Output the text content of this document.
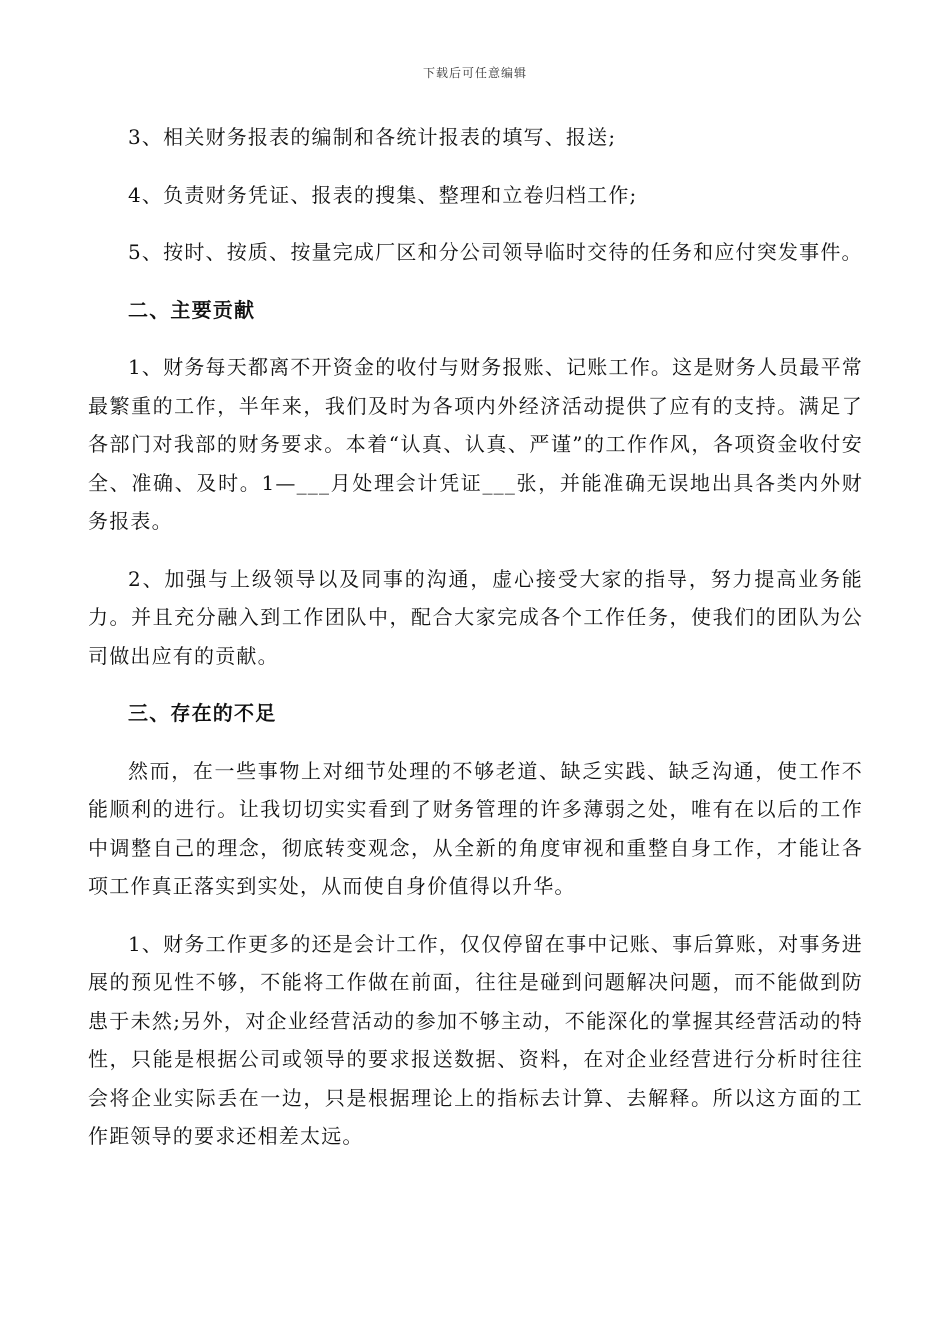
下载后可任意编辑

3、相关财务报表的编制和各统计报表的填写、报送;

4、负责财务凭证、报表的搜集、整理和立卷归档工作;

5、按时、按质、按量完成厂区和分公司领导临时交待的任务和应付突发事件。

二、主要贡献

1、财务每天都离不开资金的收付与财务报账、记账工作。这是财务人员最平常最繁重的工作，半年来，我们及时为各项内外经济活动提供了应有的支持。满足了各部门对我部的财务要求。本着“认真、认真、严谨”的工作作风，各项资金收付安全、准确、及时。1—___月处理会计凭证___张，并能准确无误地出具各类内外财务报表。

2、加强与上级领导以及同事的沟通，虚心接受大家的指导，努力提高业务能力。并且充分融入到工作团队中，配合大家完成各个工作任务，使我们的团队为公司做出应有的贡献。

三、存在的不足

然而，在一些事物上对细节处理的不够老道、缺乏实践、缺乏沟通，使工作不能顺利的进行。让我切切实实看到了财务管理的许多薄弱之处，唯有在以后的工作中调整自己的理念，彻底转变观念，从全新的角度审视和重整自身工作，才能让各项工作真正落实到实处，从而使自身价值得以升华。

1、财务工作更多的还是会计工作，仅仅停留在事中记账、事后算账，对事务进展的预见性不够，不能将工作做在前面，往往是碰到问题解决问题，而不能做到防患于未然;另外，对企业经营活动的参加不够主动，不能深化的掌握其经营活动的特性，只能是根据公司或领导的要求报送数据、资料，在对企业经营进行分析时往往会将企业实际丢在一边，只是根据理论上的指标去计算、去解释。所以这方面的工作距领导的要求还相差太远。
